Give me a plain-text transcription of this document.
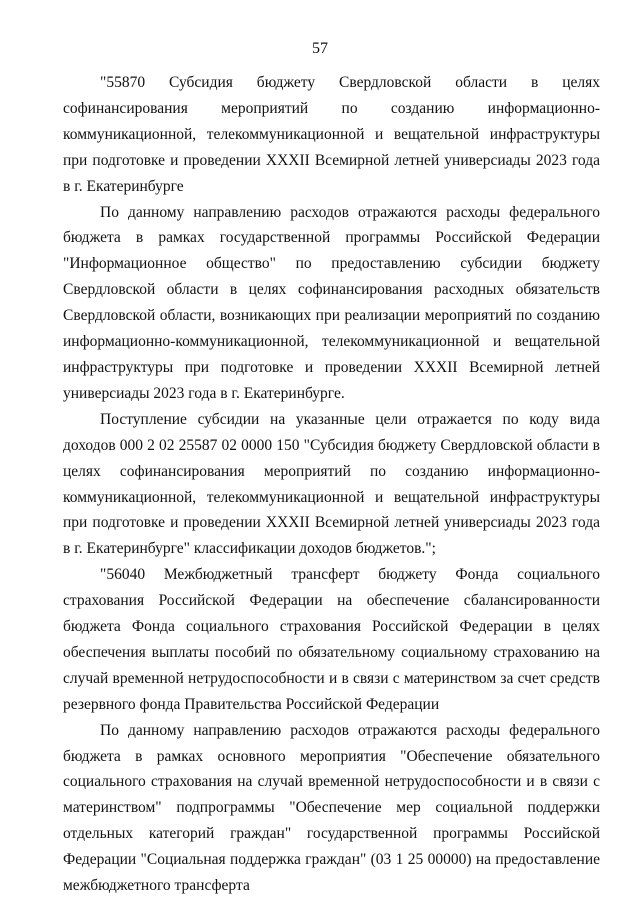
57

"55870 Субсидия бюджету Свердловской области в целях софинансирования мероприятий по созданию информационно-коммуникационной, телекоммуникационной и вещательной инфраструктуры при подготовке и проведении XXXII Всемирной летней универсиады 2023 года в г. Екатеринбурге

По данному направлению расходов отражаются расходы федерального бюджета в рамках государственной программы Российской Федерации "Информационное общество" по предоставлению субсидии бюджету Свердловской области в целях софинансирования расходных обязательств Свердловской области, возникающих при реализации мероприятий по созданию информационно-коммуникационной, телекоммуникационной и вещательной инфраструктуры при подготовке и проведении XXXII Всемирной летней универсиады 2023 года в г. Екатеринбурге.

Поступление субсидии на указанные цели отражается по коду вида доходов 000 2 02 25587 02 0000 150 "Субсидия бюджету Свердловской области в целях софинансирования мероприятий по созданию информационно-коммуникационной, телекоммуникационной и вещательной инфраструктуры при подготовке и проведении XXXII Всемирной летней универсиады 2023 года в г. Екатеринбурге" классификации доходов бюджетов.";

"56040 Межбюджетный трансферт бюджету Фонда социального страхования Российской Федерации на обеспечение сбалансированности бюджета Фонда социального страхования Российской Федерации в целях обеспечения выплаты пособий по обязательному социальному страхованию на случай временной нетрудоспособности и в связи с материнством за счет средств резервного фонда Правительства Российской Федерации

По данному направлению расходов отражаются расходы федерального бюджета в рамках основного мероприятия "Обеспечение обязательного социального страхования на случай временной нетрудоспособности и в связи с материнством" подпрограммы "Обеспечение мер социальной поддержки отдельных категорий граждан" государственной программы Российской Федерации "Социальная поддержка граждан" (03 1 25 00000) на предоставление межбюджетного трансферта
